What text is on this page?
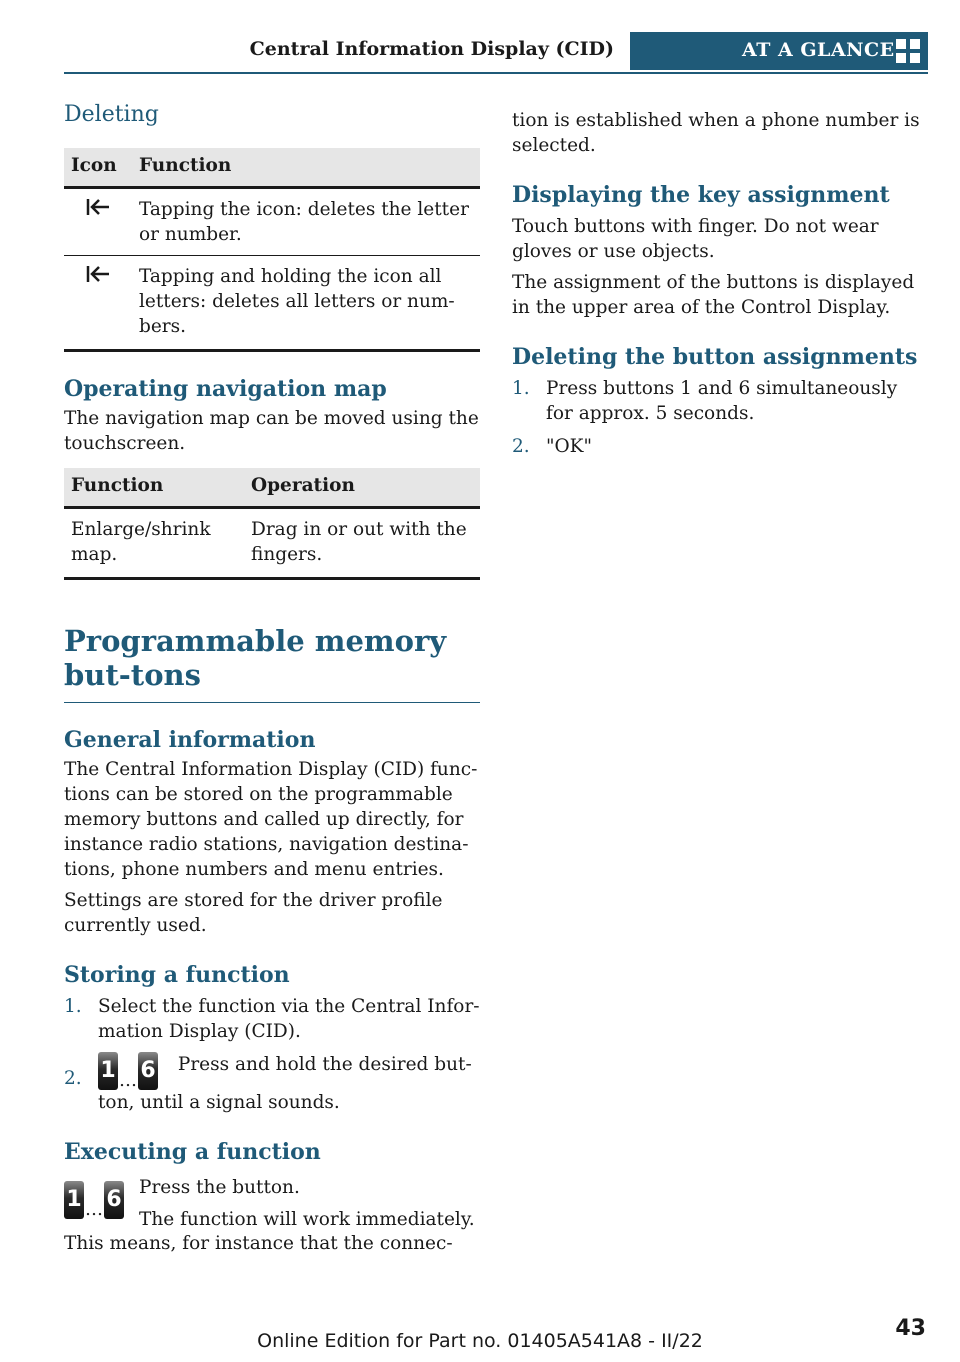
Central Information Display (CID)	AT A GLANCE
Deleting
Icon	Function
	Tapping the icon: deletes the letter or number.
	Tapping and holding the icon all letters: deletes all letters or num‐bers.
Operating navigation map

The navigation map can be moved using the touchscreen.

Function	Operation
Enlarge/shrink map.	Drag in or out with the fingers.
Programmable memory but‐tons
General information

The Central Information Display (CID) func‐tions can be stored on the programmable memory buttons and called up directly, for instance radio stations, navigation destina‐tions, phone numbers and menu entries.

Settings are stored for the driver profile currently used.

Storing a function
1. Select the function via the Central Infor‐mation Display (CID).
2. 1 … 6 Press and hold the desired but‐ton, until a signal sounds.
Executing a function
1 … 6 Press the button.

The function will work immediately.

This means, for instance that the connec‐

tion is established when a phone number is selected.

Displaying the key assignment

Touch buttons with finger. Do not wear gloves or use objects.

The assignment of the buttons is displayed in the upper area of the Control Display.

Deleting the button assignments
1. Press buttons 1 and 6 simultaneously for approx. 5 seconds.
2. "OK"
Online Edition for Part no. 01405A541A8 - II/22	43
